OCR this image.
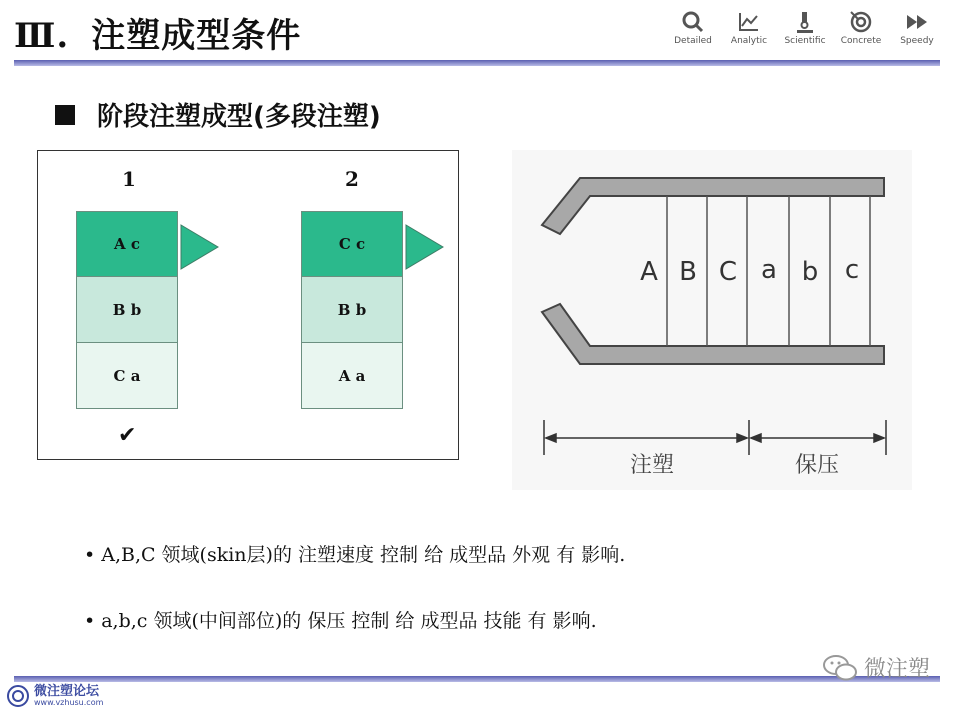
Ⅲ. 注塑成型条件	Detailed	Analytic	Scientific	Concrete	Speedy
阶段注塑成型(多段注塑)
1
A c
B b
C a
✔
2
C c
B b
A a
A B C a b c
注塑	保压
• A,B,C 领域(skin层)的 注塑速度 控制 给 成型品 外观 有 影响.
• a,b,c 领域(中间部位)的 保压 控制 给 成型品 技能 有 影响.
微注塑论坛
www.vzhusu.com
微注塑
